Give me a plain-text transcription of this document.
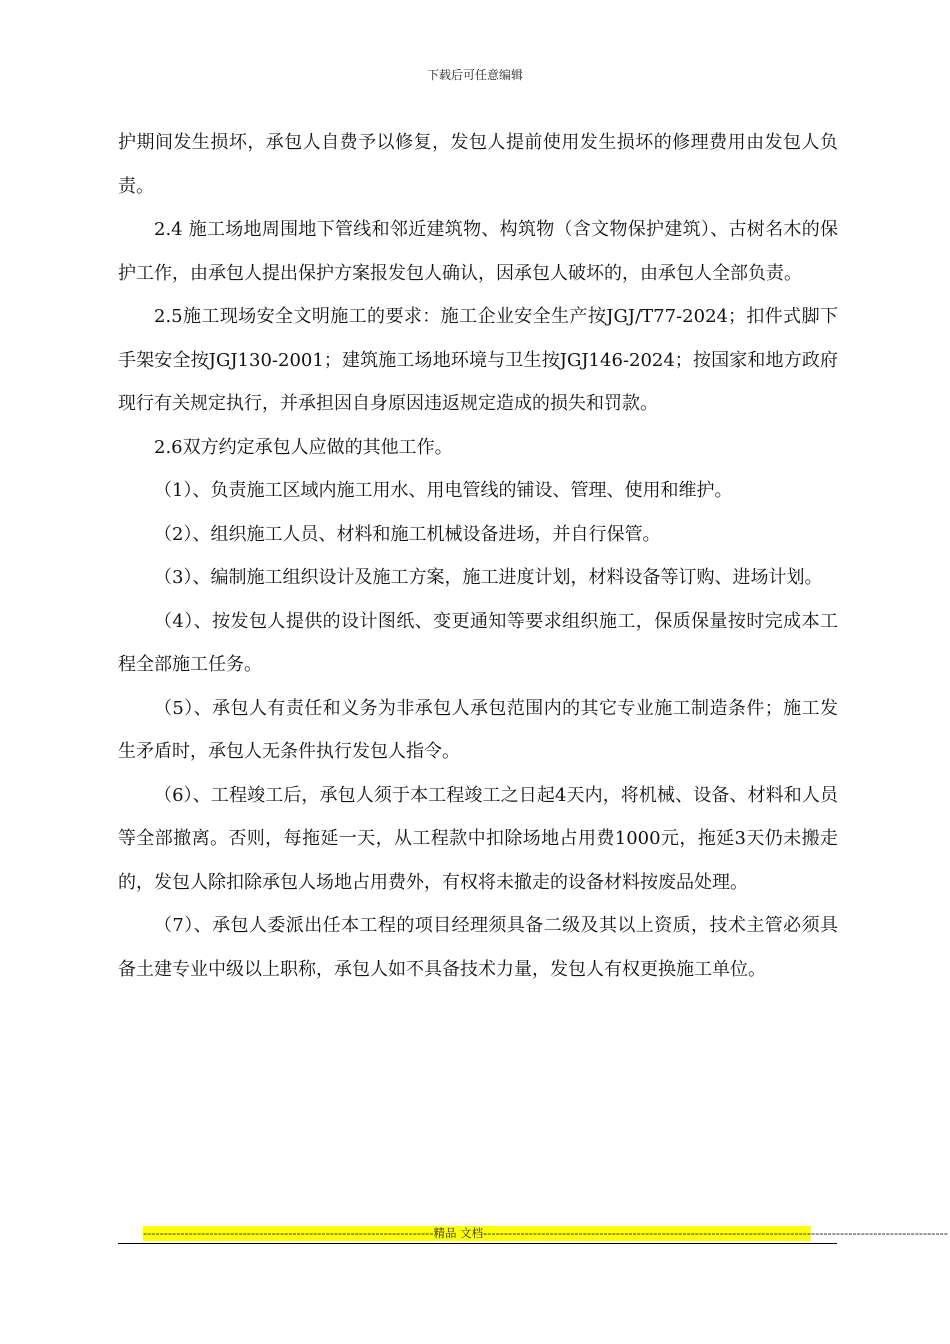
下载后可任意编辑

护期间发生损坏，承包人自费予以修复，发包人提前使用发生损坏的修理费用由发包人负责。

2.4 施工场地周围地下管线和邻近建筑物、构筑物（含文物保护建筑）、古树名木的保护工作，由承包人提出保护方案报发包人确认，因承包人破坏的，由承包人全部负责。

2.5施工现场安全文明施工的要求：施工企业安全生产按JGJ/T77-2024；扣件式脚下手架安全按JGJ130-2001；建筑施工场地环境与卫生按JGJ146-2024；按国家和地方政府现行有关规定执行，并承担因自身原因违返规定造成的损失和罚款。

2.6双方约定承包人应做的其他工作。

（1）、负责施工区域内施工用水、用电管线的铺设、管理、使用和维护。

（2）、组织施工人员、材料和施工机械设备进场，并自行保管。

（3）、编制施工组织设计及施工方案，施工进度计划，材料设备等订购、进场计划。

（4）、按发包人提供的设计图纸、变更通知等要求组织施工，保质保量按时完成本工程全部施工任务。

（5）、承包人有责任和义务为非承包人承包范围内的其它专业施工制造条件；施工发生矛盾时，承包人无条件执行发包人指令。

（6）、工程竣工后，承包人须于本工程竣工之日起4天内，将机械、设备、材料和人员等全部撤离。否则，每拖延一天，从工程款中扣除场地占用费1000元，拖延3天仍未搬走的，发包人除扣除承包人场地占用费外，有权将未撤走的设备材料按废品处理。

（7）、承包人委派出任本工程的项目经理须具备二级及其以上资质，技术主管必须具备土建专业中级以上职称，承包人如不具备技术力量，发包人有权更换施工单位。

----------------------------------------------------------------------精品 文档----------------------------------------------------------------------------------------------------------------
